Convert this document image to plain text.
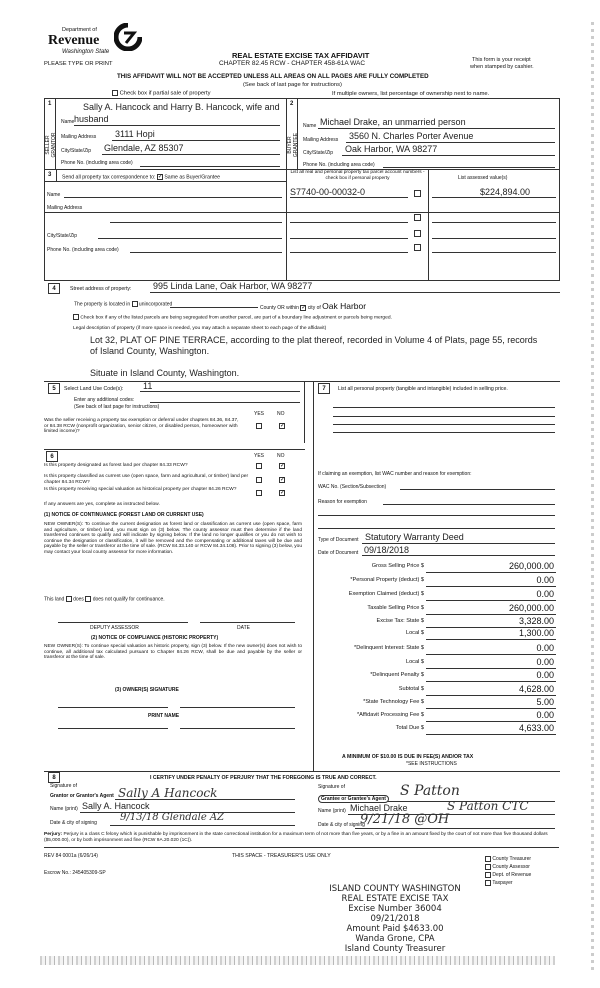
Department of
Revenue
Washington State
PLEASE TYPE OR PRINT
REAL ESTATE EXCISE TAX AFFIDAVIT
CHAPTER 82.45 RCW - CHAPTER 458-61A WAC	This form is your receipt
when stamped by cashier.
THIS AFFIDAVIT WILL NOT BE ACCEPTED UNLESS ALL AREAS ON ALL PAGES ARE FULLY COMPLETED
(See back of last page for instructions)
Check box if partial sale of property	If multiple owners, list percentage of ownership next to name.
1	2
SELLER GRANTOR	BUYER GRANTEE
Sally A. Hancock and Harry B. Hancock, wife and
Name husband
Mailing Address 3111 Hopi
City/State/Zip Glendale, AZ 85307
Phone No. (including area code)
Name Michael Drake, an unmarried person
Mailing Address 3560 N. Charles Porter Avenue
City/State/Zip Oak Harbor, WA 98277
Phone No. (including area code)
3 Send all property tax correspondence to: ✓ Same as Buyer/Grantee
List all real and personal property tax parcel account numbers - check box if personal property	List assessed value(s)
Name
Mailing Address
S7740-00-00032-0	$224,894.00
City/State/Zip
Phone No. (including area code)
4	Street address of property: 995 Linda Lane, Oak Harbor, WA 98277
The property is located in unincorporated
County OR within ✓ city of Oak Harbor
Check box if any of the listed parcels are being segregated from another parcel, are part of a boundary line adjustment or parcels being merged.
Legal description of property (if more space is needed, you may attach a separate sheet to each page of the affidavit)
Lot 32, PLAT OF PINE TERRACE, according to the plat thereof, recorded in Volume 4 of Plats, page 55, records
of Island County, Washington.
Situate in Island County, Washington.
5	Select Land Use Code(s): 11
Enter any additional codes:
(See back of last page for instructions)
YES	NO
Was the seller receiving a property tax exemption or deferral under chapters 84.36, 84.37, or 84.38 RCW (nonprofit organization, senior citizen, or disabled person, homeowner with limited income)?
✓
7	List all personal property (tangible and intangible) included in selling price.
If claiming an exemption, list WAC number and reason for exemption:
WAC No. (Section/Subsection)
Reason for exemption
Type of Document Statutory Warranty Deed
Date of Document 09/18/2018
Gross Selling Price $	260,000.00
*Personal Property (deduct) $	0.00
Exemption Claimed (deduct) $	0.00
Taxable Selling Price $	260,000.00
Excise Tax: State $	3,328.00
Local $	1,300.00
*Delinquent Interest: State $	0.00
Local $	0.00
*Delinquent Penalty $	0.00
Subtotal $	4,628.00
*State Technology Fee $	5.00
*Affidavit Processing Fee $	0.00
Total Due $	4,633.00
A MINIMUM OF $10.00 IS DUE IN FEE(S) AND/OR TAX
*SEE INSTRUCTIONS
6	YES	NO
Is this property designated as forest land per chapter 84.33 RCW?	✓
Is this property classified as current use (open space, farm and agricultural, or timber) land per chapter 84.34 RCW?	✓
Is this property receiving special valuation as historical property per chapter 84.26 RCW?
✓
If any answers are yes, complete as instructed below.
(1) NOTICE OF CONTINUANCE (FOREST LAND OR CURRENT USE)
NEW OWNER(S): To continue the current designation as forest land or classification as current use (open space, farm and agriculture, or timber) land, you must sign on (3) below. The county assessor must then determine if the land transferred continues to qualify and will indicate by signing below. If the land no longer qualifies or you do not wish to continue the designation or classification, it will be removed and the compensating or additional taxes will be due and payable by the seller or transferor at the time of sale. (RCW 84.33.140 or RCW 84.34.108). Prior to signing (3) below, you may contact your local county assessor for more information.
This land does does not qualify for continuance.
DEPUTY ASSESSOR	DATE
(2) NOTICE OF COMPLIANCE (HISTORIC PROPERTY)
NEW OWNER(S): To continue special valuation as historic property, sign (3) below. If the new owner(s) does not wish to continue, all additional tax calculated pursuant to Chapter 84.26 RCW, shall be due and payable by the seller or transferor at the time of sale.
(3) OWNER(S) SIGNATURE
PRINT NAME
8	I CERTIFY UNDER PENALTY OF PERJURY THAT THE FOREGOING IS TRUE AND CORRECT.
Signature of
Grantor or Grantor's Agent Sally A Hancock
Name (print) Sally A. Hancock
Date & city of signing 9/13/18 Glendale AZ
Signature of
Grantee or Grantee's Agent S Patton
Name (print) Michael Drake	S Patton CTC
Date & city of signing
9/21/18 @OH
Perjury: Perjury is a class C felony which is punishable by imprisonment in the state correctional institution for a maximum term of not more than five years, or by a fine in an amount fixed by the court of not more than five thousand dollars ($5,000.00), or by both imprisonment and fine (RCW 9A.20.020 (1C)).
REV 84 0001a (6/26/14)	THIS SPACE - TREASURER'S USE ONLY
Escrow No.: 245405309-SP
County Treasurer
County Assessor
Dept. of Revenue
Taxpayer
ISLAND COUNTY WASHINGTON
REAL ESTATE EXCISE TAX
Excise Number 36004
09/21/2018
Amount Paid $4633.00
Wanda Grone, CPA
Island County Treasurer
